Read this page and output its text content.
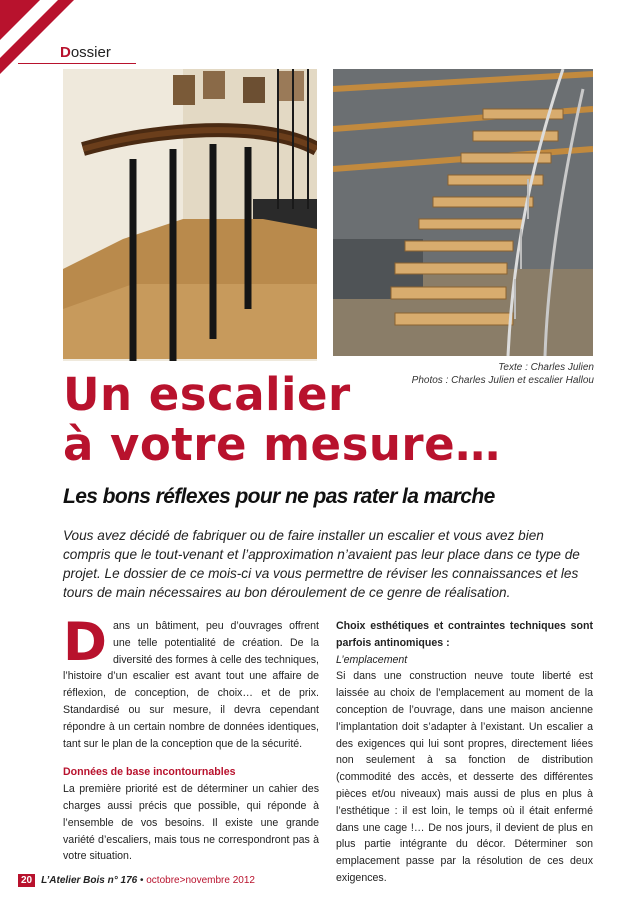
Dossier
Texte : Charles Julien
Photos : Charles Julien et escalier Hallou
Un escalier
à votre mesure…
Les bons réflexes pour ne pas rater la marche
Vous avez décidé de fabriquer ou de faire installer un escalier et vous avez bien compris que le tout-venant et l’approximation n’avaient pas leur place dans ce type de projet. Le dossier de ce mois-ci va vous permettre de réviser les connaissances et les tours de main nécessaires au bon déroulement de ce genre de réalisation.
D ans un bâtiment, peu d’ouvrages offrent une telle potentialité de création. De la diversité des formes à celle des techniques, l’histoire d’un escalier est avant tout une affaire de réflexion, de conception, de choix… et de prix. Standardisé ou sur mesure, il devra cependant répondre à un certain nombre de données identiques, tant sur le plan de la conception que de la sécurité.

Données de base incontournables

La première priorité est de déterminer un cahier des charges aussi précis que possible, qui réponde à l’ensemble de vos besoins. Il existe une grande variété d’escaliers, mais tous ne correspondront pas à votre situation.

Choix esthétiques et contraintes techniques sont parfois antinomiques :

L’emplacement

Si dans une construction neuve toute liberté est laissée au choix de l’emplacement au moment de la conception de l’ouvrage, dans une maison ancienne l’implantation doit s’adapter à l’existant. Un escalier a des exigences qui lui sont propres, directement liées non seulement à sa fonction de distribution (commodité des accès, et desserte des différentes pièces et/ou niveaux) mais aussi de plus en plus à l’esthétique : il est loin, le temps où il était enfermé dans une cage !… De nos jours, il devient de plus en plus partie intégrante du décor. Déterminer son emplacement passe par la résolution de ces deux exigences.

20 L’Atelier Bois n° 176 • octobre>novembre 2012
